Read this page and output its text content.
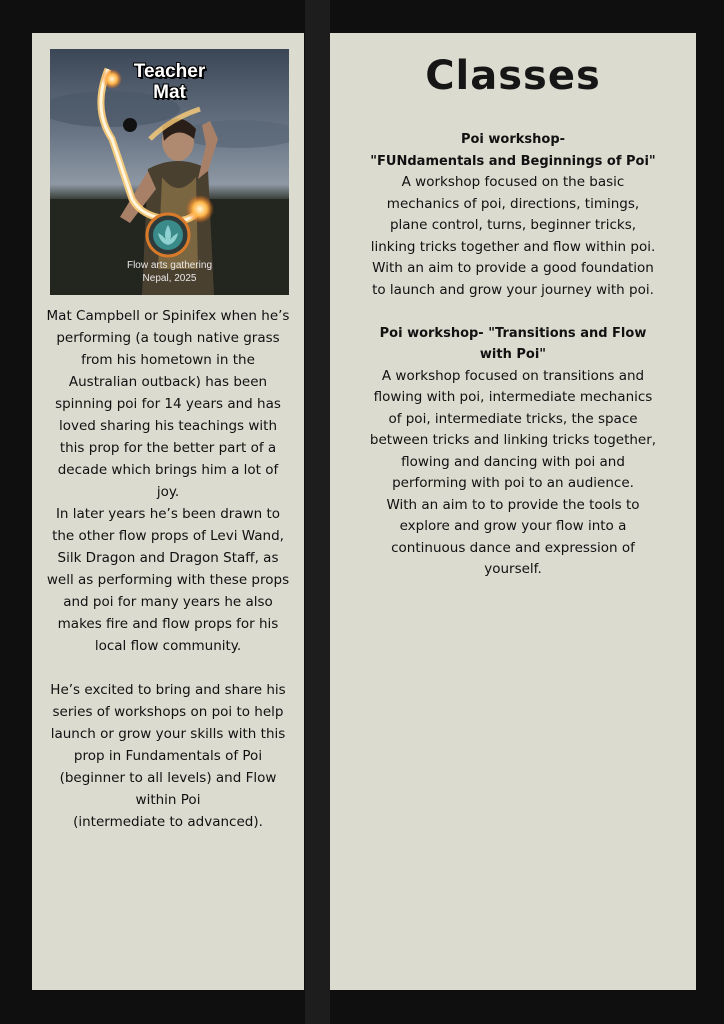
Teacher
Mat
Flow arts gathering
Nepal, 2025

Mat Campbell or Spinifex when he’s performing (a tough native grass from his hometown in the Australian outback) has been spinning poi for 14 years and has loved sharing his teachings with this prop for the better part of a decade which brings him a lot of joy.

In later years he’s been drawn to the other flow props of Levi Wand, Silk Dragon and Dragon Staff, as well as performing with these props and poi for many years he also makes fire and flow props for his local flow community.

He’s excited to bring and share his series of workshops on poi to help launch or grow your skills with this prop in Fundamentals of Poi (beginner to all levels) and Flow within Poi

(intermediate to advanced).

Classes

Poi workshop-

"FUNdamentals and Beginnings of Poi"

A workshop focused on the basic mechanics of poi, directions, timings, plane control, turns, beginner tricks, linking tricks together and flow within poi.

With an aim to provide a good foundation to launch and grow your journey with poi.

Poi workshop- "Transitions and Flow with Poi"

A workshop focused on transitions and flowing with poi, intermediate mechanics of poi, intermediate tricks, the space between tricks and linking tricks together, flowing and dancing with poi and performing with poi to an audience.

With an aim to to provide the tools to explore and grow your flow into a continuous dance and expression of yourself.
